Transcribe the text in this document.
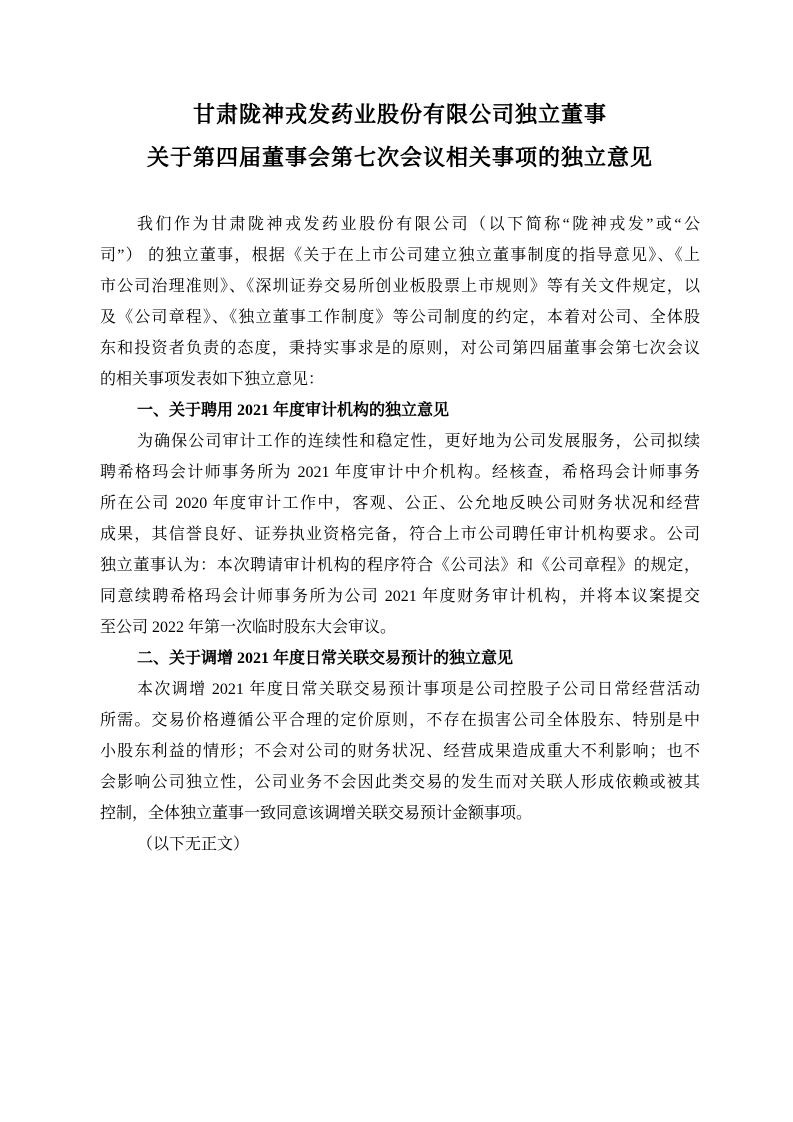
甘肃陇神戎发药业股份有限公司独立董事
关于第四届董事会第七次会议相关事项的独立意见
我们作为甘肃陇神戎发药业股份有限公司（以下简称“陇神戎发”或“公
司”） 的独立董事，根据《关于在上市公司建立独立董事制度的指导意见》、《上
市公司治理准则》、《深圳证券交易所创业板股票上市规则》等有关文件规定，以
及《公司章程》、《独立董事工作制度》等公司制度的约定，本着对公司、全体股
东和投资者负责的态度，秉持实事求是的原则，对公司第四届董事会第七次会议
的相关事项发表如下独立意见：
一、关于聘用 2021 年度审计机构的独立意见
为确保公司审计工作的连续性和稳定性，更好地为公司发展服务，公司拟续
聘希格玛会计师事务所为 2021 年度审计中介机构。经核查，希格玛会计师事务
所在公司 2020 年度审计工作中，客观、公正、公允地反映公司财务状况和经营
成果，其信誉良好、证券执业资格完备，符合上市公司聘任审计机构要求。公司
独立董事认为：本次聘请审计机构的程序符合《公司法》和《公司章程》的规定，
同意续聘希格玛会计师事务所为公司 2021 年度财务审计机构，并将本议案提交
至公司 2022 年第一次临时股东大会审议。
二、关于调增 2021 年度日常关联交易预计的独立意见
本次调增 2021 年度日常关联交易预计事项是公司控股子公司日常经营活动
所需。交易价格遵循公平合理的定价原则，不存在损害公司全体股东、特别是中
小股东利益的情形；不会对公司的财务状况、经营成果造成重大不利影响；也不
会影响公司独立性，公司业务不会因此类交易的发生而对关联人形成依赖或被其
控制，全体独立董事一致同意该调增关联交易预计金额事项。
（以下无正文）
